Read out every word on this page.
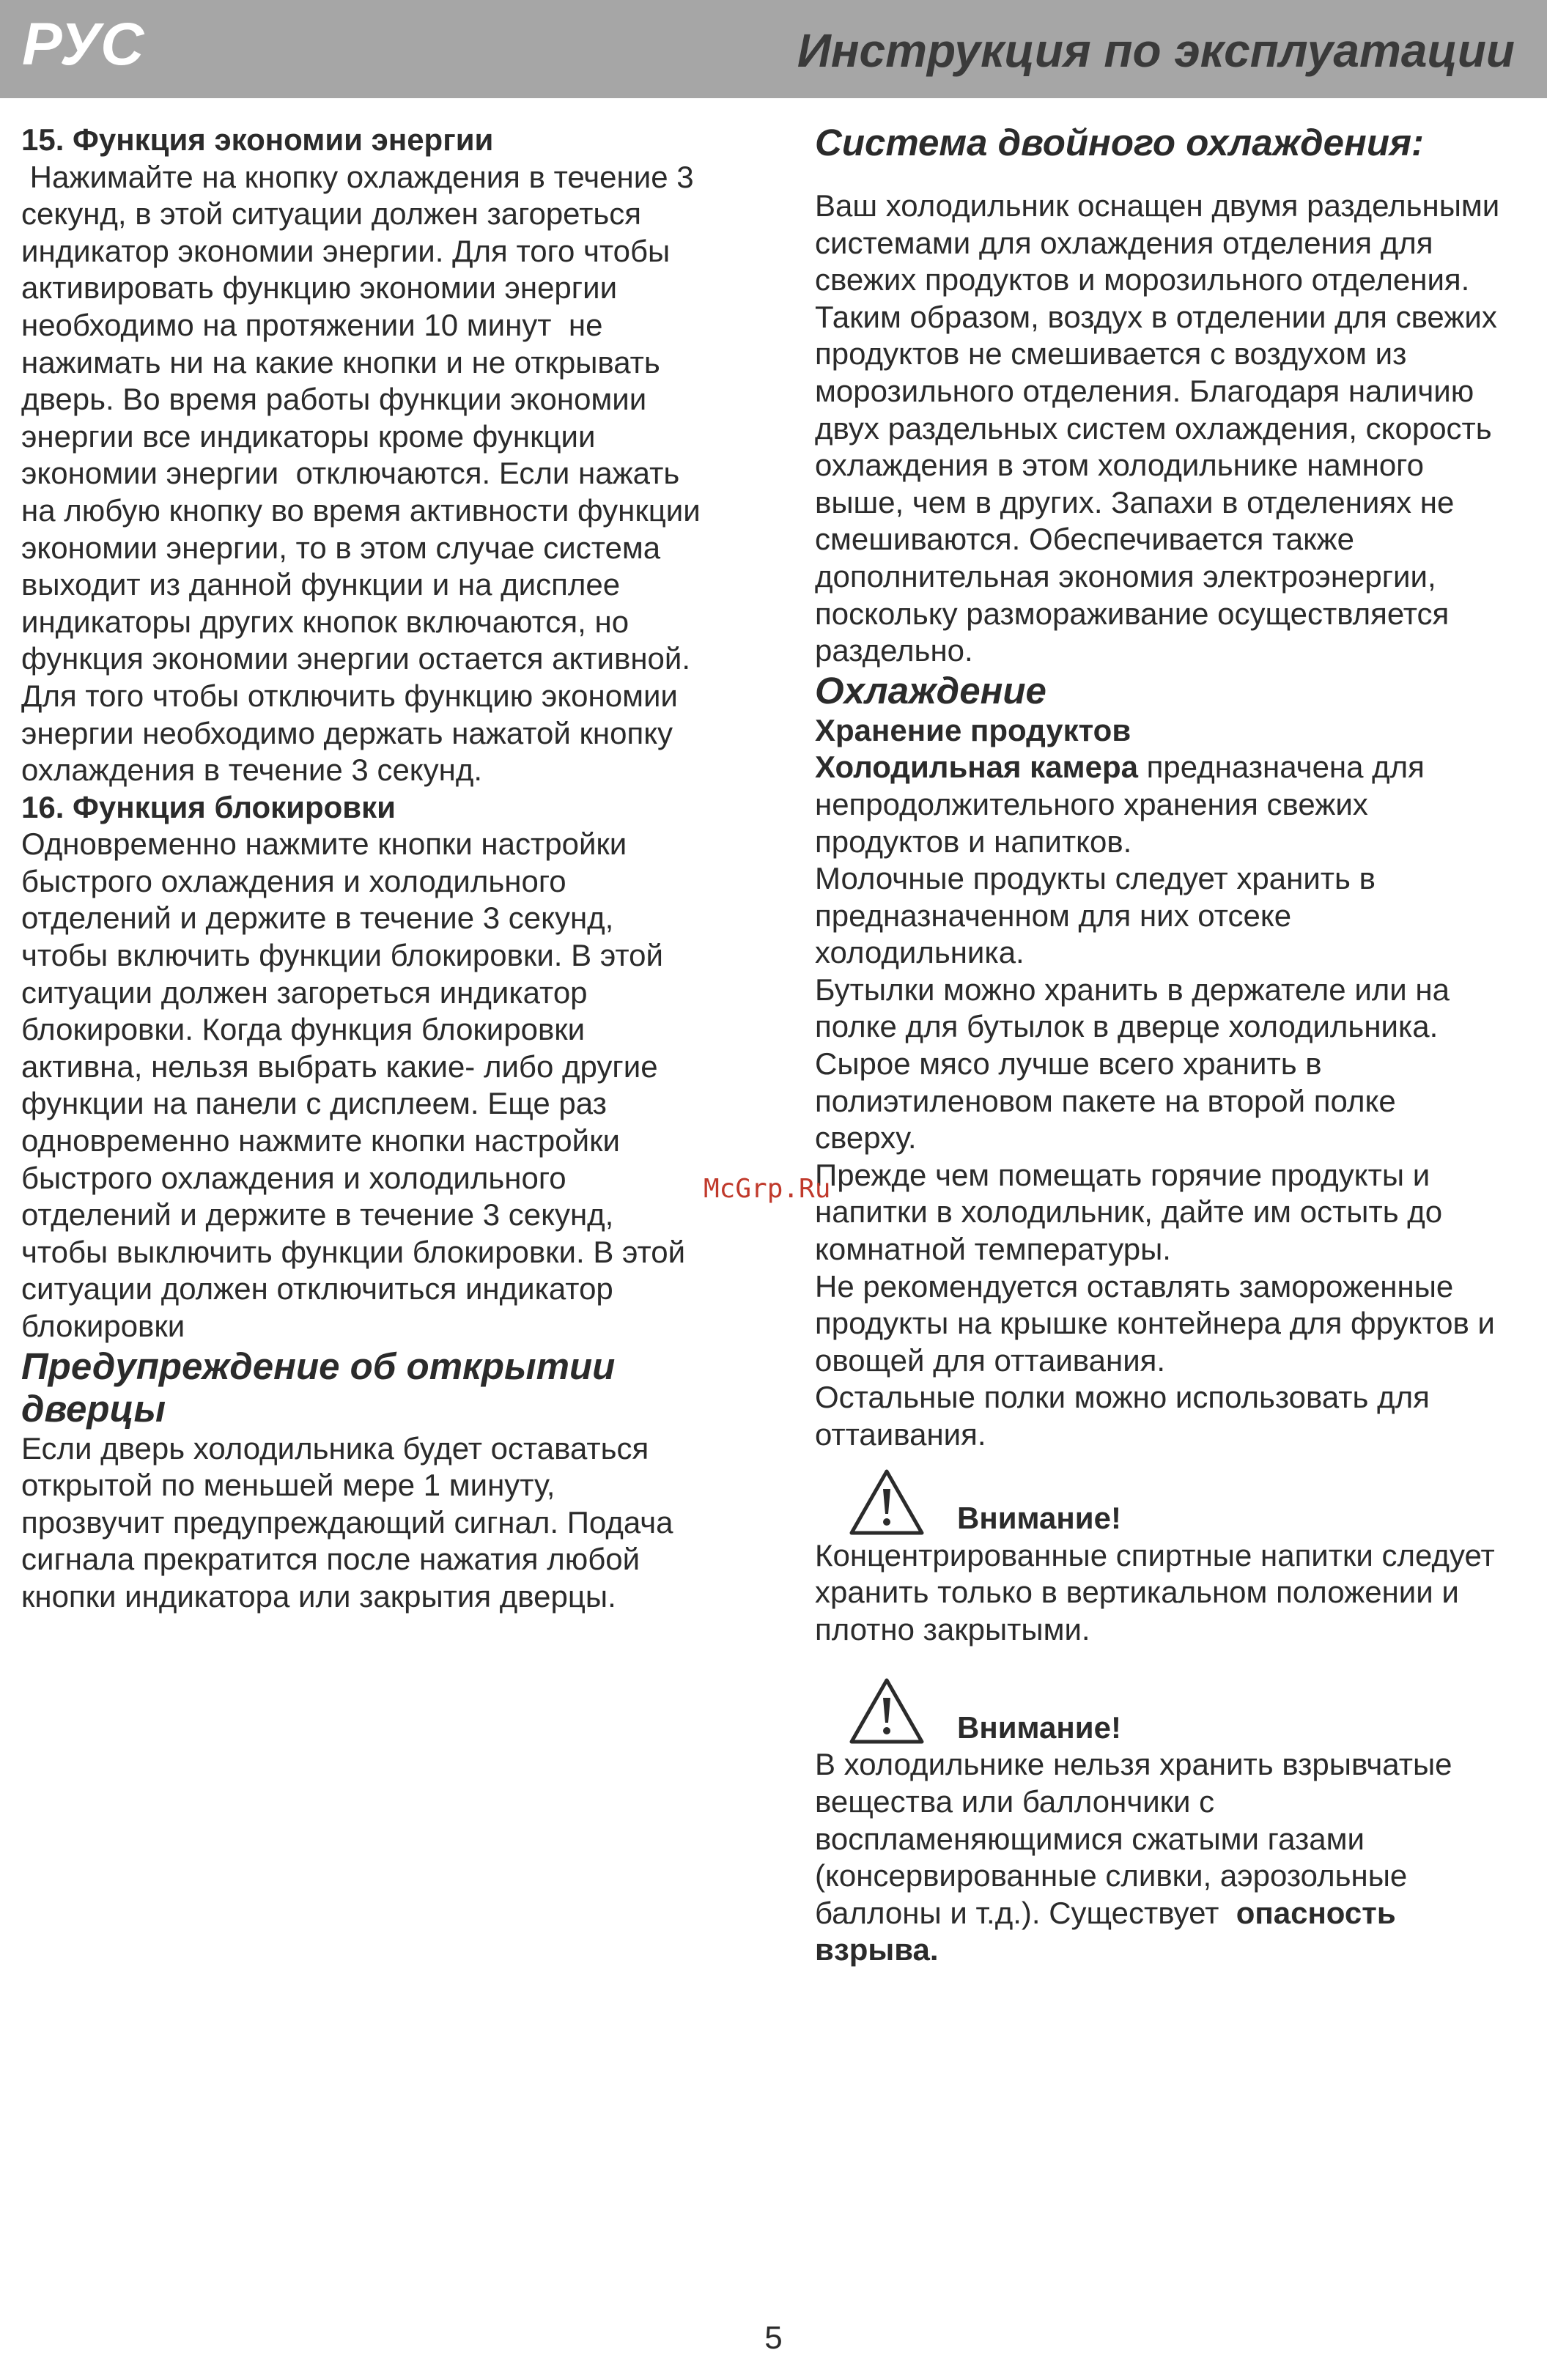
РУС	Инструкция по эксплуатации

15. Функция экономии энергии

Нажимайте на кнопку охлаждения в течение 3

секунд, в этой ситуации должен загореться

индикатор экономии энергии. Для того чтобы

активировать функцию экономии энергии

необходимо на протяжении 10 минут  не

нажимать ни на какие кнопки и не открывать

дверь. Во время работы функции экономии

энергии все индикаторы кроме функции

экономии энергии  отключаются. Если нажать

на любую кнопку во время активности функции

экономии энергии, то в этом случае система

выходит из данной функции и на дисплее

индикаторы других кнопок включаются, но

функция экономии энергии остается активной.

Для того чтобы отключить функцию экономии

энергии необходимо держать нажатой кнопку

охлаждения в течение 3 секунд.

16. Функция блокировки

Одновременно нажмите кнопки настройки

быстрого охлаждения и холодильного

отделений и держите в течение 3 секунд,

чтобы включить функции блокировки. В этой

ситуации должен загореться индикатор

блокировки. Когда функция блокировки

активна, нельзя выбрать какие- либо другие

функции на панели с дисплеем. Еще раз

одновременно нажмите кнопки настройки

быстрого охлаждения и холодильного

отделений и держите в течение 3 секунд,

чтобы выключить функции блокировки. В этой

ситуации должен отключиться индикатор

блокировки

Предупреждение об открытии

дверцы

Если дверь холодильника будет оставаться

открытой по меньшей мере 1 минуту,

прозвучит предупреждающий сигнал. Подача

сигнала прекратится после нажатия любой

кнопки индикатора или закрытия дверцы.

Система двойного охлаждения:

Ваш холодильник оснащен двумя раздельными

системами для охлаждения отделения для

свежих продуктов и морозильного отделения.

Таким образом, воздух в отделении для свежих

продуктов не смешивается с воздухом из

морозильного отделения. Благодаря наличию

двух раздельных систем охлаждения, скорость

охлаждения в этом холодильнике намного

выше, чем в других. Запахи в отделениях не

смешиваются. Обеспечивается также

дополнительная экономия электроэнергии,

поскольку размораживание осуществляется

раздельно.

Охлаждение

Хранение продуктов

Холодильная камера предназначена для

непродолжительного хранения свежих

продуктов и напитков.

Молочные продукты следует хранить в

предназначенном для них отсеке

холодильника.

Бутылки можно хранить в держателе или на

полке для бутылок в дверце холодильника.

Сырое мясо лучше всего хранить в

полиэтиленовом пакете на второй полке

сверху.

Прежде чем помещать горячие продукты и

напитки в холодильник, дайте им остыть до

комнатной температуры.

Не рекомендуется оставлять замороженные

продукты на крышке контейнера для фруктов и

овощей для оттаивания.

Остальные полки можно использовать для

оттаивания.

Внимание!

Концентрированные спиртные напитки следует

хранить только в вертикальном положении и

плотно закрытыми.

Внимание!

В холодильнике нельзя хранить взрывчатые

вещества или баллончики с

воспламеняющимися сжатыми газами

(консервированные сливки, аэрозольные

баллоны и т.д.). Существует  опасность

взрыва.

McGrp.Ru
5
